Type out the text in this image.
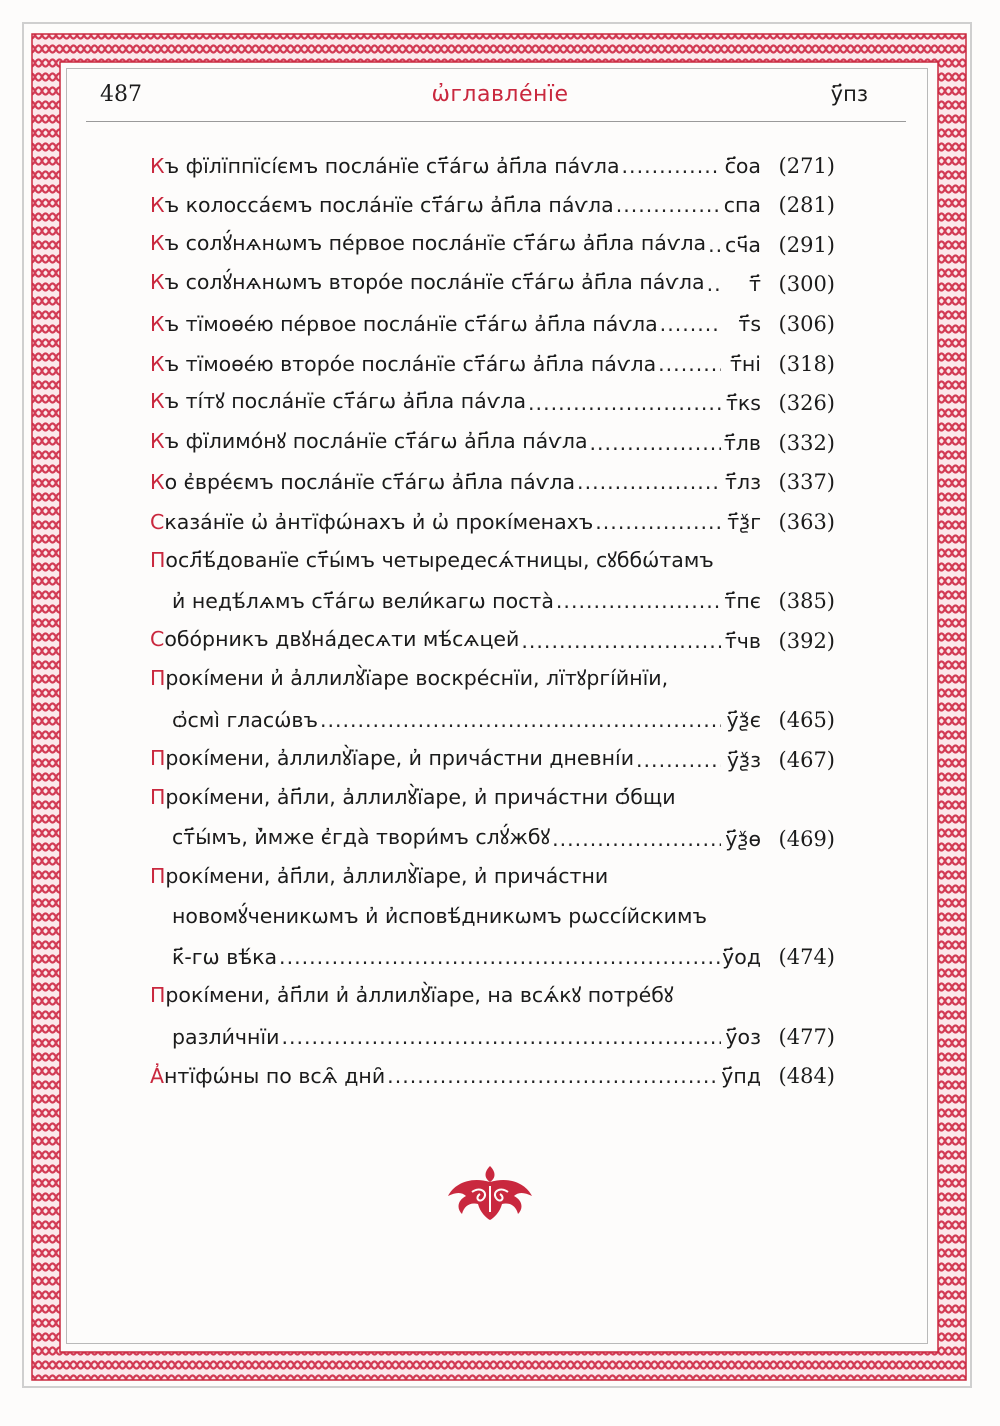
487	ѡ҆главле́нїе	у҃пз
Къ фїлїппїсі́ємъ посла́нїе ст҃а́гѡ а҆п҃ла па́ѵла .....	с҃оа (271)
Къ колосса́ємъ посла́нїе ст҃а́гѡ а҆п҃ла па́ѵла .....	спа (281)
Къ солꙋ́нѧнѡмъ пе́рвое посла́нїе ст҃а́гѡ а҆п҃ла па́ѵла ..... сч҃а (291)
Къ солꙋ́нѧнѡмъ второ́е посла́нїе ст҃а́гѡ а҆п҃ла па́ѵла .....	т҃ (300)
Къ тїмоѳе́ю пе́рвое посла́нїе ст҃а́гѡ а҆п҃ла па́ѵла .....	т҃ѕ (306)
Къ тїмоѳе́ю второ́е посла́нїе ст҃а́гѡ а҆п҃ла па́ѵла .....	т҃ні (318)
Къ ті́тꙋ посла́нїе ст҃а́гѡ а҆п҃ла па́ѵла .....	т҃кѕ (326)
Къ фїлимо́нꙋ посла́нїе ст҃а́гѡ а҆п҃ла па́ѵла .....	т҃лв (332)
Ко є҆вре́ємъ посла́нїе ст҃а́гѡ а҆п҃ла па́ѵла .....	т҃лз (337)
Сказа́нїе ѡ҆ а҆нтїфѡ́нахъ и҆ ѡ҆ прокі́менахъ .....	т҃ѯг (363)
Посл҃ѣ́дованїе ст҃ы́мъ четыредесѧ́тницы, сꙋббѡ́тамъ
и҆ недѣ́лѧмъ ст҃а́гѡ вели́кагѡ поста̀ .....	т҃пє (385)
Собо́рникъ двꙋна́десѧти мѣ́сѧцей .....	т҃чв (392)
Прокі́мени и҆ а҆ллилꙋ̀їаре воскре́снїи, лїтꙋргі́йнїи,
ѻ҆смі̀ гласѡ́въ .....	у҃ѯє (465)
Прокі́мени, а҆ллилꙋ̀їаре, и҆ прича́стни дневні́и .....	у҃ѯз (467)
Прокі́мени, а҆п҃ли, а҆ллилꙋ̀їаре, и҆ прича́стни ѻ҆́бщи
ст҃ы́мъ, и҆̀мже є҆гда̀ твори́мъ слꙋ́жбꙋ .....	у҃ѯѳ (469)
Прокі́мени, а҆п҃ли, а҆ллилꙋ̀їаре, и҆ прича́стни
новомꙋ́ченикѡмъ и҆ и҆сповѣ́дникѡмъ рѡссі́йскимъ
к҃-гѡ вѣ́ка .....	у҃од (474)
Прокі́мени, а҆п҃ли и҆ а҆ллилꙋ̀їаре, на всѧ́кꙋ потре́бꙋ
разли́чнїи .....	у҃оз (477)
А҆нтїфѡ́ны по всѧ̑ дни̑ .....	у҃пд (484)
